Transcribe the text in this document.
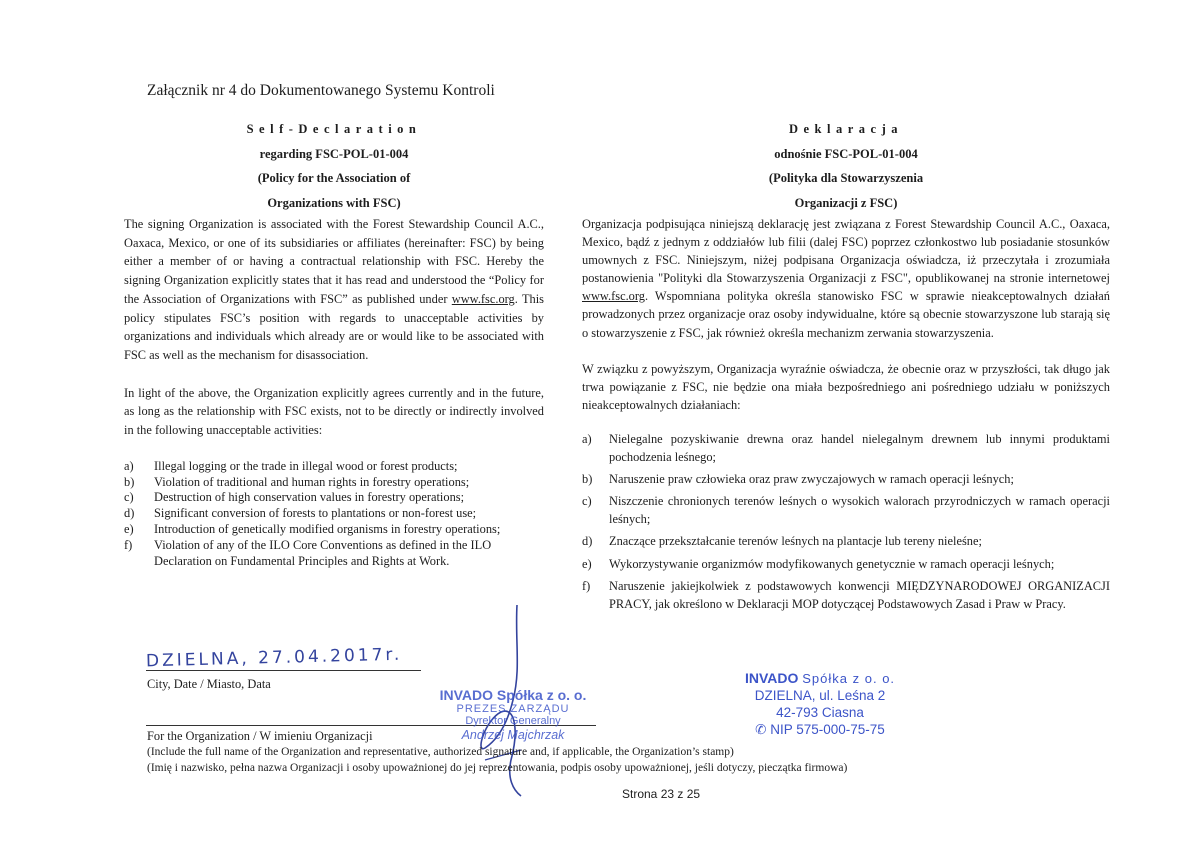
Załącznik nr 4 do Dokumentowanego Systemu Kontroli
Self-Declaration
regarding FSC-POL-01-004
(Policy for the Association of
Organizations with FSC)
The signing Organization is associated with the Forest Stewardship Council A.C., Oaxaca, Mexico, or one of its subsidiaries or affiliates (hereinafter: FSC) by being either a member of or having a contractual relationship with FSC. Hereby the signing Organization explicitly states that it has read and understood the “Policy for the Association of Organizations with FSC” as published under www.fsc.org. This policy stipulates FSC’s position with regards to unacceptable activities by organizations and individuals which already are or would like to be associated with FSC as well as the mechanism for disassociation.
In light of the above, the Organization explicitly agrees currently and in the future, as long as the relationship with FSC exists, not to be directly or indirectly involved in the following unacceptable activities:
a)	Illegal logging or the trade in illegal wood or forest products;
b)	Violation of traditional and human rights in forestry operations;
c)	Destruction of high conservation values in forestry operations;
d)	Significant conversion of forests to plantations or non-forest use;
e)	Introduction of genetically modified organisms in forestry operations;
f)	Violation of any of the ILO Core Conventions as defined in the ILO Declaration on Fundamental Principles and Rights at Work.
Deklaracja
odnośnie FSC-POL-01-004
(Polityka dla Stowarzyszenia
Organizacji z FSC)
Organizacja podpisująca niniejszą deklarację jest związana z Forest Stewardship Council A.C., Oaxaca, Mexico, bądź z jednym z oddziałów lub filii (dalej FSC) poprzez członkostwo lub posiadanie stosunków umownych z FSC. Niniejszym, niżej podpisana Organizacja oświadcza, iż przeczytała i zrozumiała postanowienia "Polityki dla Stowarzyszenia Organizacji z FSC", opublikowanej na stronie internetowej www.fsc.org. Wspomniana polityka określa stanowisko FSC w sprawie nieakceptowalnych działań prowadzonych przez organizacje oraz osoby indywidualne, które są obecnie stowarzyszone lub starają się o stowarzyszenie z FSC, jak również określa mechanizm zerwania stowarzyszenia.
W związku z powyższym, Organizacja wyraźnie oświadcza, że obecnie oraz w przyszłości, tak długo jak trwa powiązanie z FSC, nie będzie ona miała bezpośredniego ani pośredniego udziału w poniższych nieakceptowalnych działaniach:
a)	Nielegalne pozyskiwanie drewna oraz handel nielegalnym drewnem lub innymi produktami pochodzenia leśnego;
b)	Naruszenie praw człowieka oraz praw zwyczajowych w ramach operacji leśnych;
c)	Niszczenie chronionych terenów leśnych o wysokich walorach przyrodniczych w ramach operacji leśnych;
d)	Znaczące przekształcanie terenów leśnych na plantacje lub tereny nieleśne;
e)	Wykorzystywanie organizmów modyfikowanych genetycznie w ramach operacji leśnych;
f)	Naruszenie jakiejkolwiek z podstawowych konwencji MIĘDZYNARODOWEJ ORGANIZACJI PRACY, jak określono w Deklaracji MOP dotyczącej Podstawowych Zasad i Praw w Pracy.
DZIELNA, 27.04.2017r.
City, Date / Miasto, Data
For the Organization / W imieniu Organizacji
INVADO Spółka z o. o.
PREZES ZARZĄDU
Dyrektor Generalny
Andrzej Majchrzak
INVADO Spółka z o. o.
DZIELNA, ul. Leśna 2
42-793 Ciasna
✆ NIP 575-000-75-75
(Include the full name of the Organization and representative, authorized signature and, if applicable, the Organization’s stamp)
(Imię i nazwisko, pełna nazwa Organizacji i osoby upoważnionej do jej reprezentowania, podpis osoby upoważnionej, jeśli dotyczy, pieczątka firmowa)
Strona 23 z 25
